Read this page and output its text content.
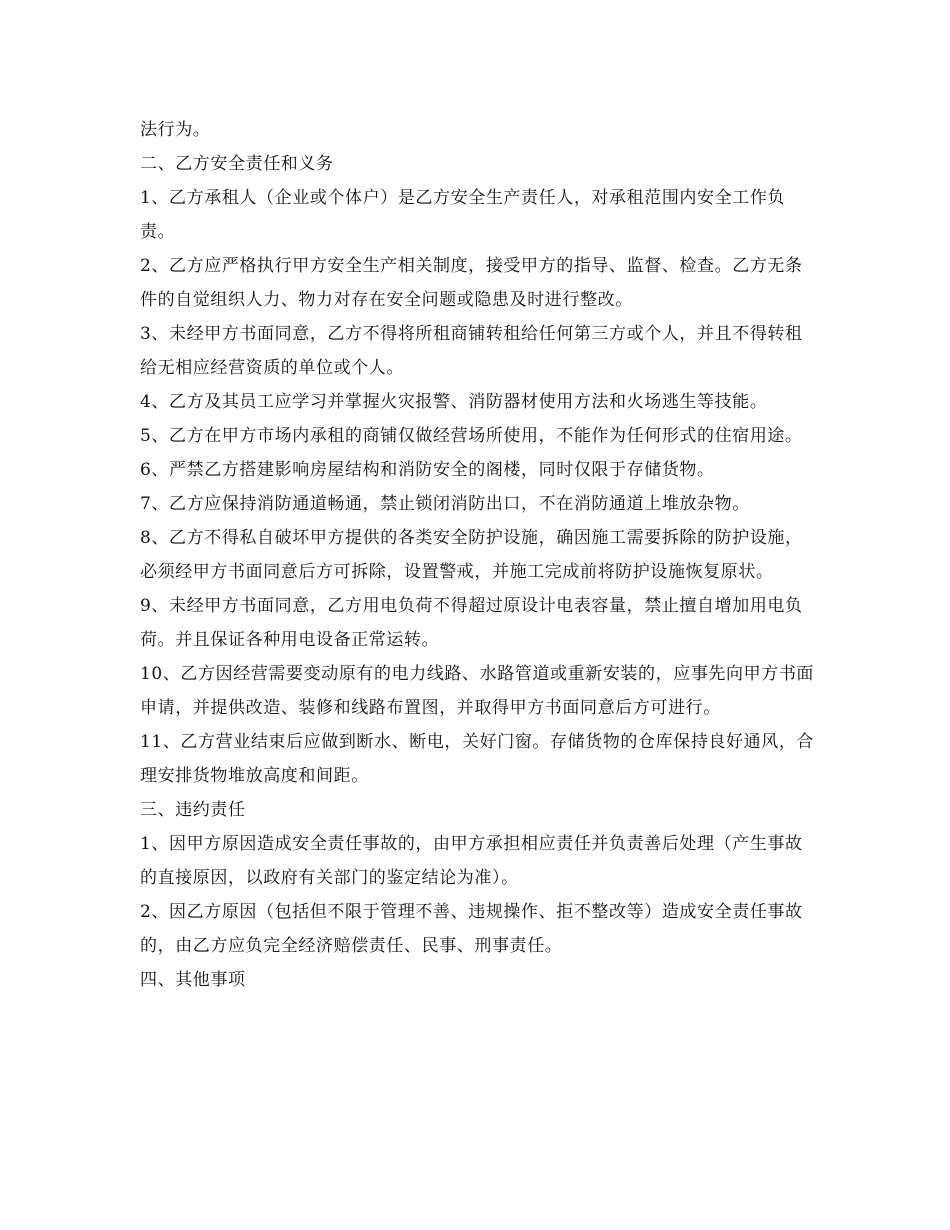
法行为。

二、乙方安全责任和义务

1、乙方承租人（企业或个体户）是乙方安全生产责任人，对承租范围内安全工作负责。

2、乙方应严格执行甲方安全生产相关制度，接受甲方的指导、监督、检查。乙方无条件的自觉组织人力、物力对存在安全问题或隐患及时进行整改。

3、未经甲方书面同意，乙方不得将所租商铺转租给任何第三方或个人，并且不得转租给无相应经营资质的单位或个人。

4、乙方及其员工应学习并掌握火灾报警、消防器材使用方法和火场逃生等技能。

5、乙方在甲方市场内承租的商铺仅做经营场所使用，不能作为任何形式的住宿用途。

6、严禁乙方搭建影响房屋结构和消防安全的阁楼，同时仅限于存储货物。

7、乙方应保持消防通道畅通，禁止锁闭消防出口，不在消防通道上堆放杂物。

8、乙方不得私自破坏甲方提供的各类安全防护设施，确因施工需要拆除的防护设施，必须经甲方书面同意后方可拆除，设置警戒，并施工完成前将防护设施恢复原状。

9、未经甲方书面同意，乙方用电负荷不得超过原设计电表容量，禁止擅自增加用电负荷。并且保证各种用电设备正常运转。

10、乙方因经营需要变动原有的电力线路、水路管道或重新安装的，应事先向甲方书面申请，并提供改造、装修和线路布置图，并取得甲方书面同意后方可进行。

11、乙方营业结束后应做到断水、断电，关好门窗。存储货物的仓库保持良好通风，合理安排货物堆放高度和间距。

三、违约责任

1、因甲方原因造成安全责任事故的，由甲方承担相应责任并负责善后处理（产生事故的直接原因，以政府有关部门的鉴定结论为准）。

2、因乙方原因（包括但不限于管理不善、违规操作、拒不整改等）造成安全责任事故的，由乙方应负完全经济赔偿责任、民事、刑事责任。

四、其他事项
